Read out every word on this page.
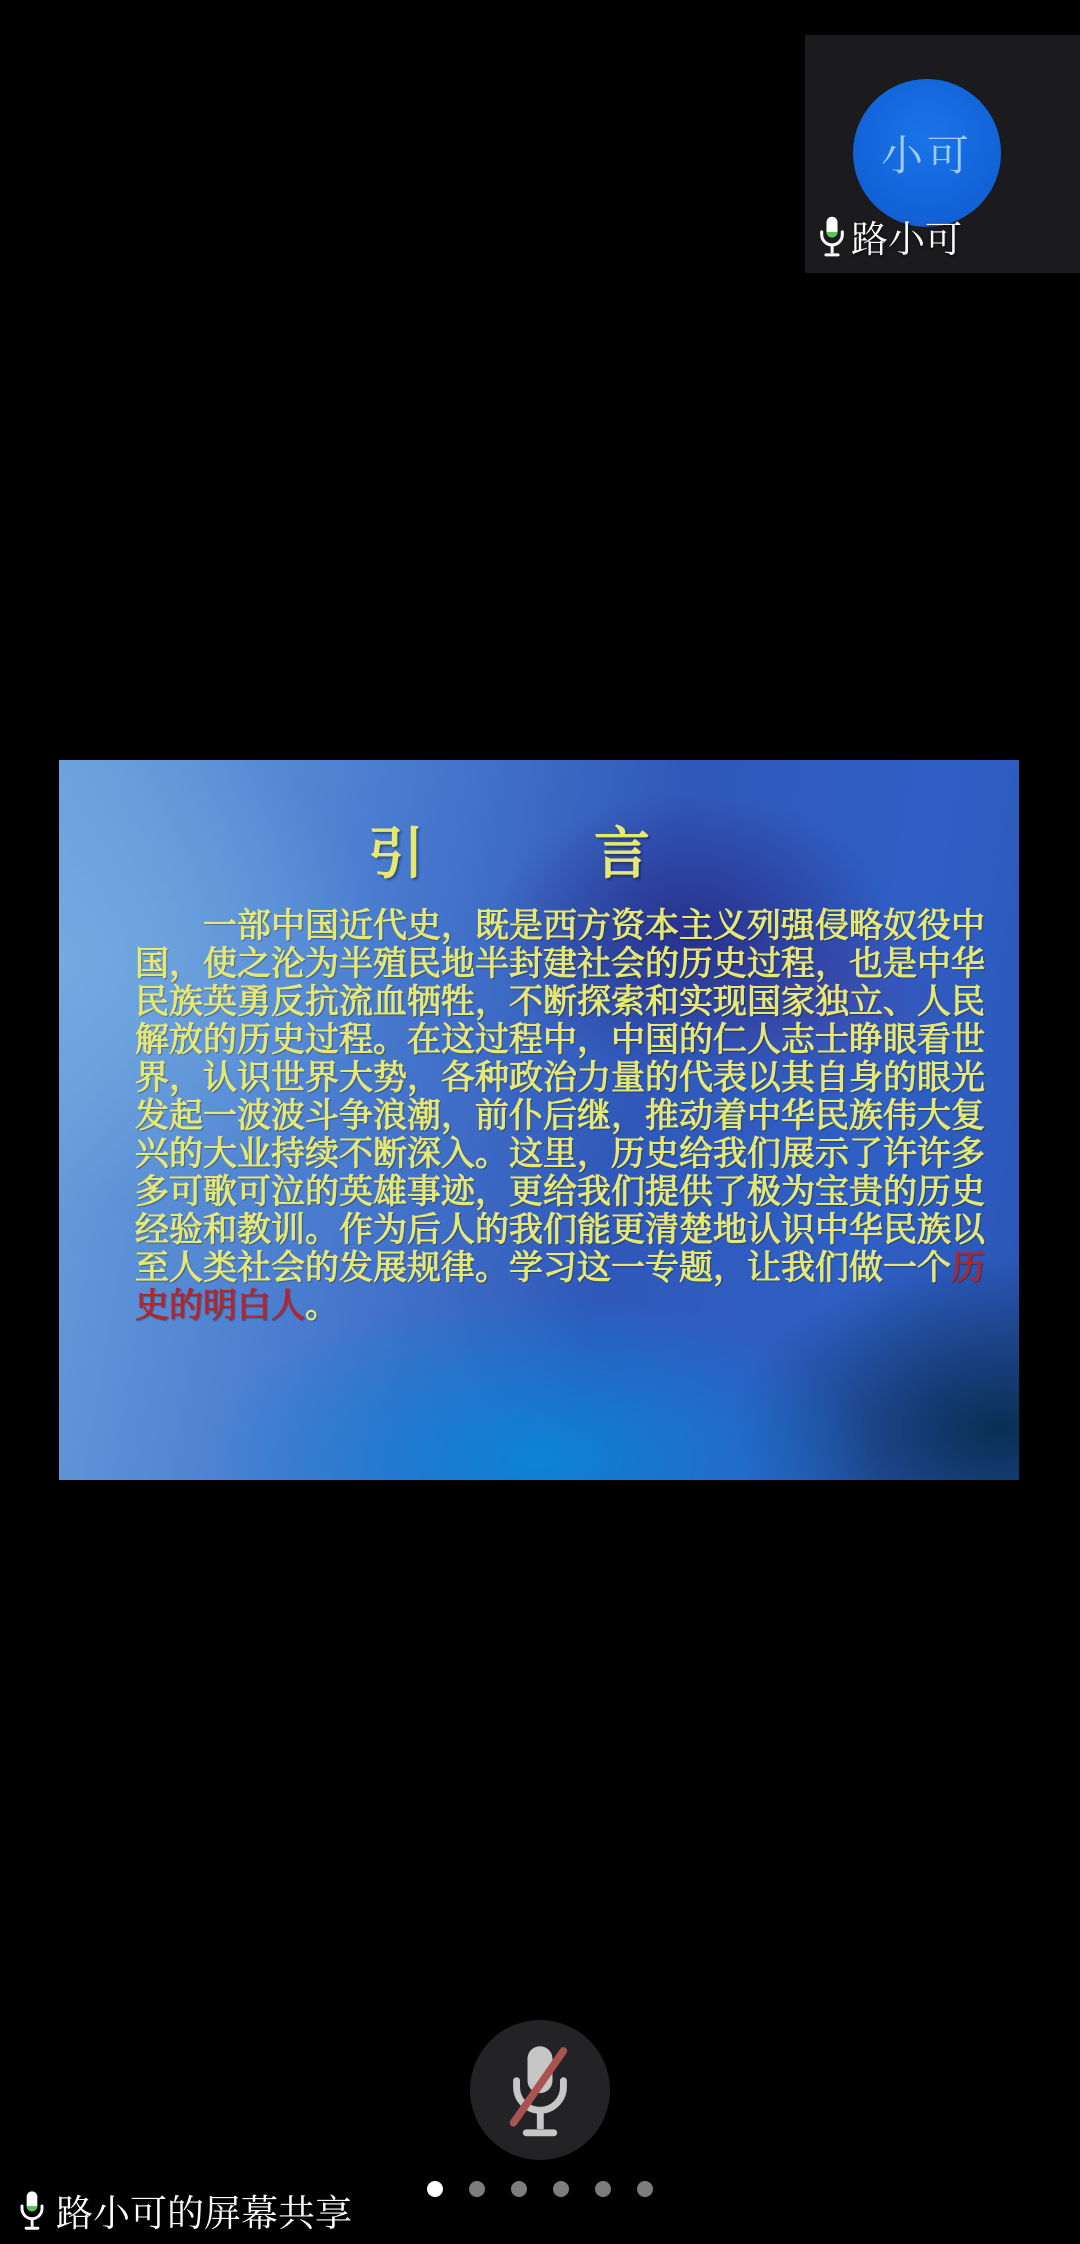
小可
路小可
引	言
一部中国近代史，既是西方资本主义列强侵略奴役中
国，使之沦为半殖民地半封建社会的历史过程，也是中华
民族英勇反抗流血牺牲，不断探索和实现国家独立、人民
解放的历史过程。在这过程中，中国的仁人志士睁眼看世
界，认识世界大势，各种政治力量的代表以其自身的眼光
发起一波波斗争浪潮，前仆后继，推动着中华民族伟大复
兴的大业持续不断深入。这里，历史给我们展示了许许多
多可歌可泣的英雄事迹，更给我们提供了极为宝贵的历史
经验和教训。作为后人的我们能更清楚地认识中华民族以
至人类社会的发展规律。学习这一专题，让我们做一个历
史的明白人。
路小可的屏幕共享
